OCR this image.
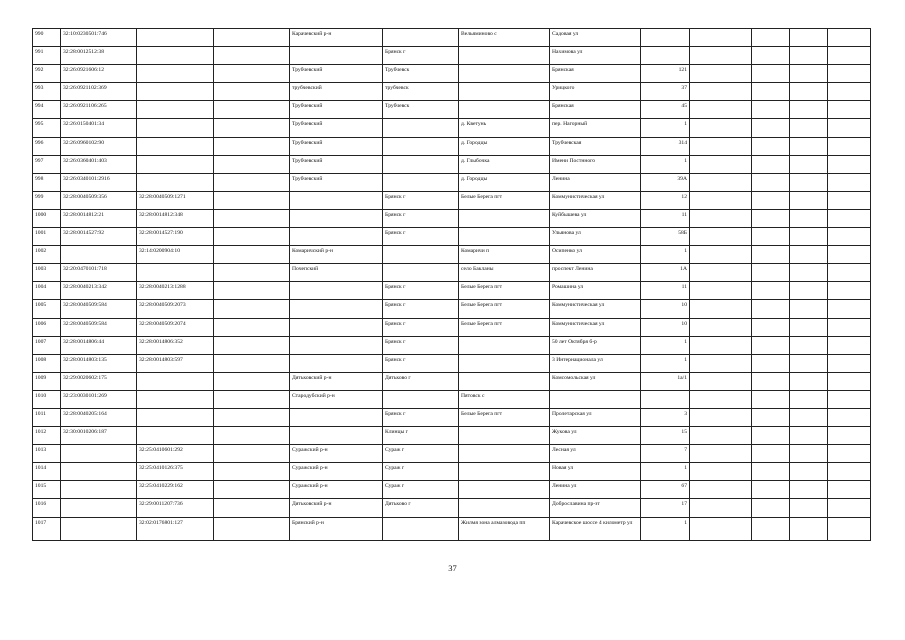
990	32:10:0230501:746			Карачевский р-н		Вельяминово с	Садовая ул					
991	32:28:0012512:38				Брянск г		Нахимова ул					
992	32:26:0921606:12			Трубчевский	Трубчевск		Брянская	121				
993	32:26:0921102:369			трубчевский	трубчевск		Урицкого	37				
994	32:26:0921106:265			Трубчевский	Трубчевск		Брянская	45				
995	32:26:0150401:34			Трубчевский		д. Кветунь	пер. Нагорный	1				
996	32:26:0960102:90			Трубчевский		д. Городцы	Трубчевская	314				
997	32:26:0360401:403			Трубчевский		д. Глыбочка	Имени Постнного	1				
998	32:26:0340101:2916			Трубчевский		д. Городцы	Ленина	39А				
999	32:28:0040509:356	32:28:0040509:1271			Брянск г	Белые Берега пгт	Коммунистическая ул	12				
1000	32:28:0014812:21	32:28:0014812:348			Брянск г		Куйбышева ул	11				
1001	32:28:0014527:92	32:28:0014527:190			Брянск г		Ульянова ул	58Б				
1002		32:14:0200904:10		Комаричский р-н		Комаричи п	Осипенко ул	1				
1003	32:20:0470101:718			Почепский		село Бакланы	проспект Ленина	1А				
1004	32:28:0040213:342	32:28:0040213:1288			Брянск г	Белые Берега пгт	Ромашина ул	11				
1005	32:28:0040509:584	32:28:0040509:2073			Брянск г	Белые Берега пгт	Коммунистическая ул	10				
1006	32:28:0040509:584	32:28:0040509:2074			Брянск г	Белые Берега пгт	Коммунистическая ул	10				
1007	32:28:0014806:44	32:28:0014806:352			Брянск г		50 лет Октября б-р	1				
1008	32:28:0014803:135	32:28:0014803:597			Брянск г		3 Интернационала ул	1				
1009	32:29:0020602:175			Дятьковский р-н	Дятьково г		Комсомольская ул	1а/1				
1010	32:23:0030101:269			Стародубский р-н		Пятовск с						
1011	32:28:0040205:164				Брянск г	Белые Берега пгт	Пролетарская ул	3				
1012	32:30:0010206:187				Клинцы г		Жукова ул	15				
1013		32:25:0410601:292		Суражский р-н	Сураж г		Лесная ул	7				
1014		32:25:0410126:375		Суражский р-н	Сураж г		Новая ул	1				
1015		32:25:0410229:162		Суражский р-н	Сураж г		Ленина ул	67				
1016		32:29:0011207:736		Дятьковский р-н	Дятьково г		Доброславина пр-зт	17				
1017		32:02:0176801:127		Брянский р-н		Жилмя зона алмазовода пп	Карачевское шоссе 4 километр ул	1				
37
